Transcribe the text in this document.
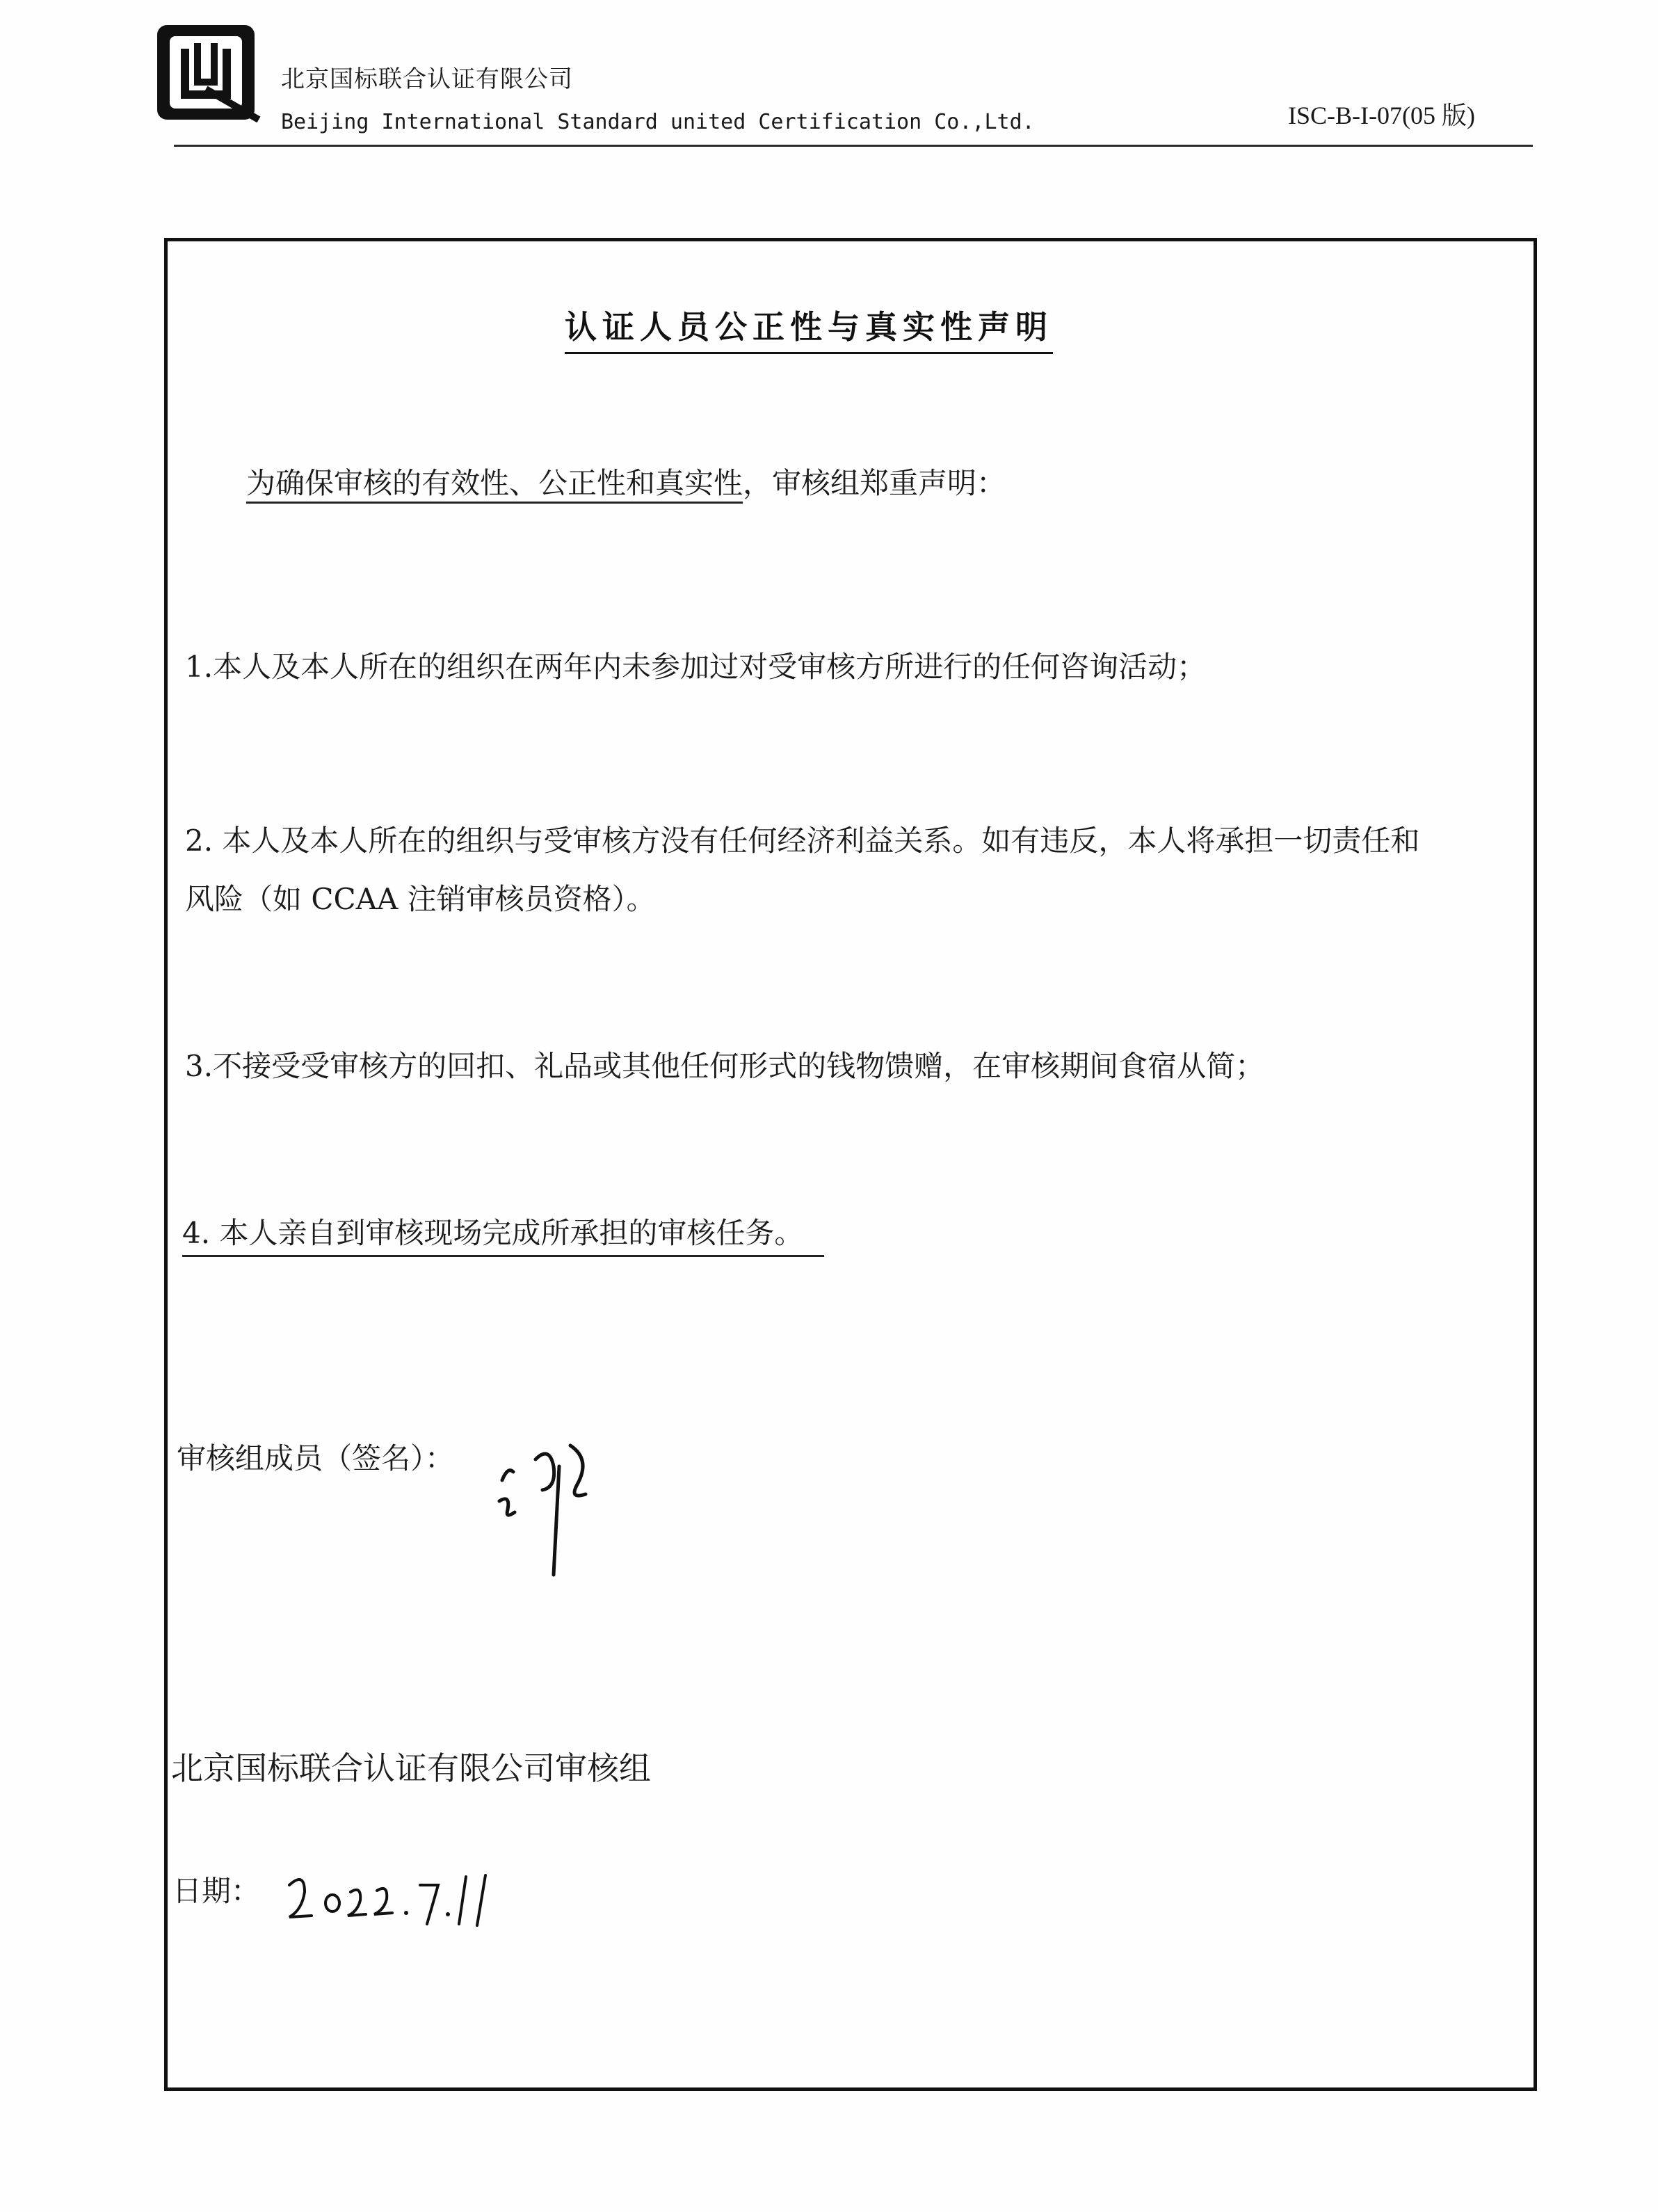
北京国标联合认证有限公司
Beijing International Standard united Certification Co.,Ltd.	ISC-B-I-07(05 版)
认证人员公正性与真实性声明
为确保审核的有效性、公正性和真实性，审核组郑重声明：
1.本人及本人所在的组织在两年内未参加过对受审核方所进行的任何咨询活动；
2. 本人及本人所在的组织与受审核方没有任何经济利益关系。如有违反，本人将承担一切责任和
风险（如 CCAA 注销审核员资格）。
3.不接受受审核方的回扣、礼品或其他任何形式的钱物馈赠，在审核期间食宿从简；
4. 本人亲自到审核现场完成所承担的审核任务。
审核组成员（签名）：
北京国标联合认证有限公司审核组
日期：
